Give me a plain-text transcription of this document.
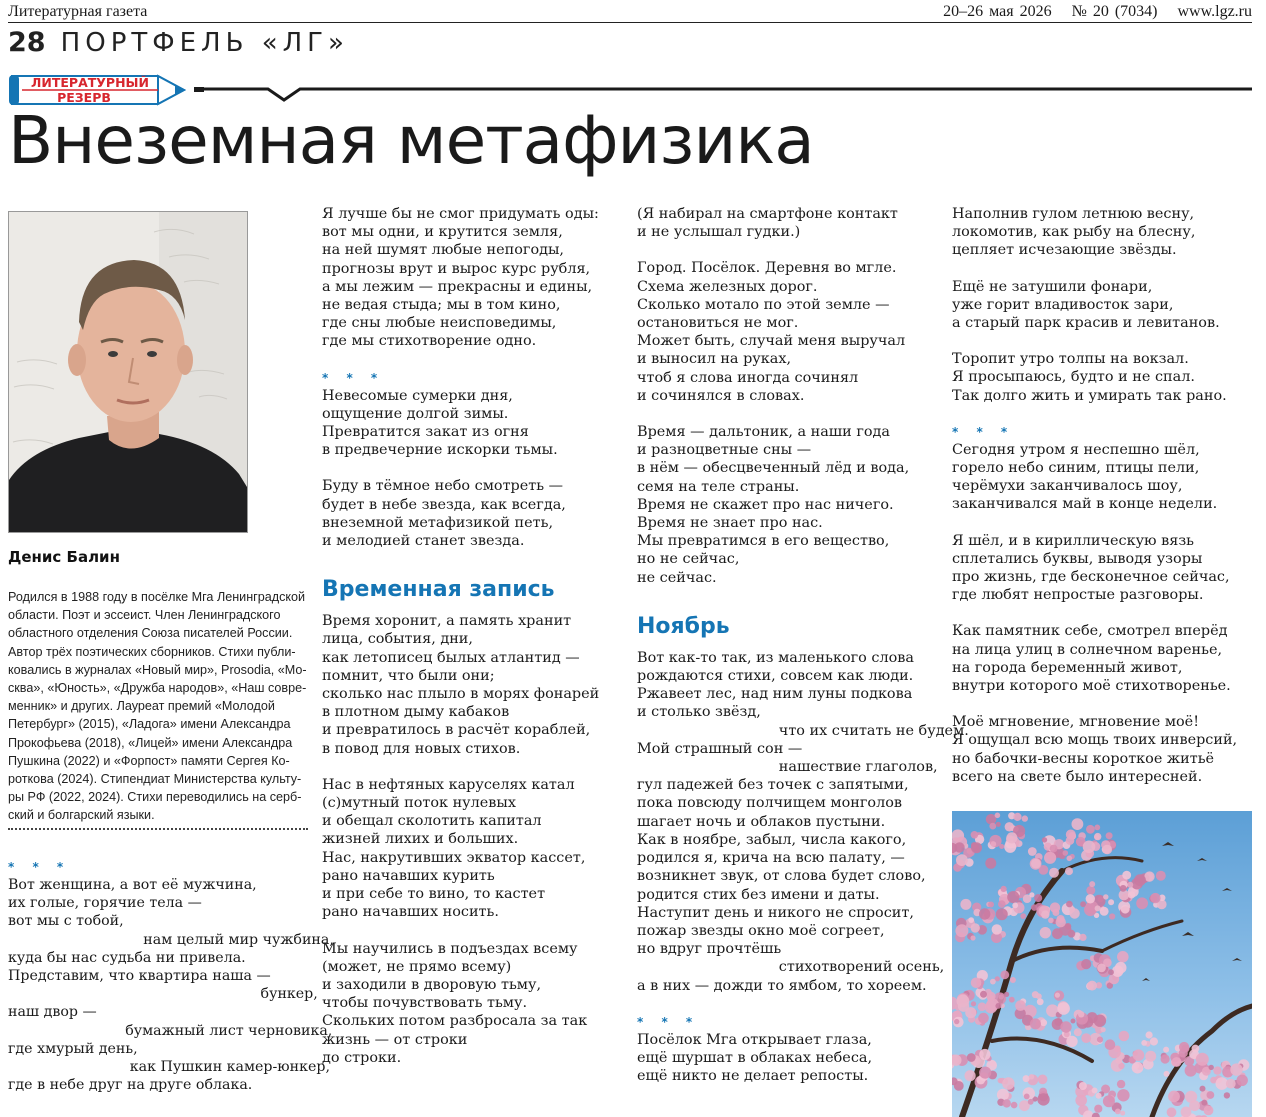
Литературная газета	20–26 мая 2026 № 20 (7034) www.lgz.ru
28 ПОРТФЕЛЬ «ЛГ»
ЛИТЕРАТУРНЫЙ
РЕЗЕРВ
Внеземная метафизика
Денис Балин

Родился в 1988 году в посёлке Мга Ленинградской
области. Поэт и эссеист. Член Ленинградского
областного отделения Союза писателей России.
Автор трёх поэтических сборников. Стихи публи-
ковались в журналах «Новый мир», Prosodia, «Мо-
сква», «Юность», «Дружба народов», «Наш совре-
менник» и других. Лауреат премий «Молодой
Петербург» (2015), «Ладога» имени Александра
Прокофьева (2018), «Лицей» имени Александра
Пушкина (2022) и «Форпост» памяти Сергея Ко-
роткова (2024). Стипендиат Министерства культу-
ры РФ (2022, 2024). Стихи переводились на серб-
ский и болгарский языки.

* * *
Вот женщина, а вот её мужчина,
их голые, горячие тела —
вот мы с тобой,
нам целый мир чужбина,
куда бы нас судьба ни привела.
Представим, что квартира наша —
бункер,
наш двор —
бумажный лист черновика,
где хмурый день,
как Пушкин камер-юнкер,
где в небе друг на друге облака.
Я лучше бы не смог придумать оды:
вот мы одни, и крутится земля,
на ней шумят любые непогоды,
прогнозы врут и вырос курс рубля,
а мы лежим — прекрасны и едины,
не ведая стыда; мы в том кино,
где сны любые неисповедимы,
где мы стихотворение одно.
* * *
Невесомые сумерки дня,
ощущение долгой зимы.
Превратится закат из огня
в предвечерние искорки тьмы.
Буду в тёмное небо смотреть —
будет в небе звезда, как всегда,
внеземной метафизикой петь,
и мелодией станет звезда.
Временная запись
Время хоронит, а память хранит
лица, события, дни,
как летописец былых атлантид —
помнит, что были они;
сколько нас плыло в морях фонарей
в плотном дыму кабаков
и превратилось в расчёт кораблей,
в повод для новых стихов.
Нас в нефтяных каруселях катал
(с)мутный поток нулевых
и обещал сколотить капитал
жизней лихих и больших.
Нас, накрутивших экватор кассет,
рано начавших курить
и при себе то вино, то кастет
рано начавших носить.
Мы научились в подъездах всему
(может, не прямо всему)
и заходили в дворовую тьму,
чтобы почувствовать тьму.
Скольких потом разбросала за так
жизнь — от строки
до строки.
(Я набирал на смартфоне контакт
и не услышал гудки.)
Город. Посёлок. Деревня во мгле.
Схема железных дорог.
Сколько мотало по этой земле —
остановиться не мог.
Может быть, случай меня выручал
и выносил на руках,
чтоб я слова иногда сочинял
и сочинялся в словах.
Время — дальтоник, а наши года
и разноцветные сны —
в нём — обесцвеченный лёд и вода,
семя на теле страны.
Время не скажет про нас ничего.
Время не знает про нас.
Мы превратимся в его вещество,
но не сейчас,
не сейчас.
Ноябрь
Вот как-то так, из маленького слова
рождаются стихи, совсем как люди.
Ржавеет лес, над ним луны подкова
и столько звёзд,
что их считать не будем.
Мой страшный сон —
нашествие глаголов,
гул падежей без точек с запятыми,
пока повсюду полчищем монголов
шагает ночь и облаков пустыни.
Как в ноябре, забыл, числа какого,
родился я, крича на всю палату, —
возникнет звук, от слова будет слово,
родится стих без имени и даты.
Наступит день и никого не спросит,
пожар звезды окно моё согреет,
но вдруг прочтёшь
стихотворений осень,
а в них — дожди то ямбом, то хореем.
* * *
Посёлок Мга открывает глаза,
ещё шуршат в облаках небеса,
ещё никто не делает репосты.
Наполнив гулом летнюю весну,
локомотив, как рыбу на блесну,
цепляет исчезающие звёзды.
Ещё не затушили фонари,
уже горит владивосток зари,
а старый парк красив и левитанов.
Торопит утро толпы на вокзал.
Я просыпаюсь, будто и не спал.
Так долго жить и умирать так рано.
* * *
Сегодня утром я неспешно шёл,
горело небо синим, птицы пели,
черёмухи заканчивалось шоу,
заканчивался май в конце недели.
Я шёл, и в кириллическую вязь
сплетались буквы, выводя узоры
про жизнь, где бесконечное сейчас,
где любят непростые разговоры.
Как памятник себе, смотрел вперёд
на лица улиц в солнечном варенье,
на города беременный живот,
внутри которого моё стихотворенье.
Моё мгновение, мгновение моё!
Я ощущал всю мощь твоих инверсий,
но бабочки-весны короткое житьё
всего на свете было интересней.
